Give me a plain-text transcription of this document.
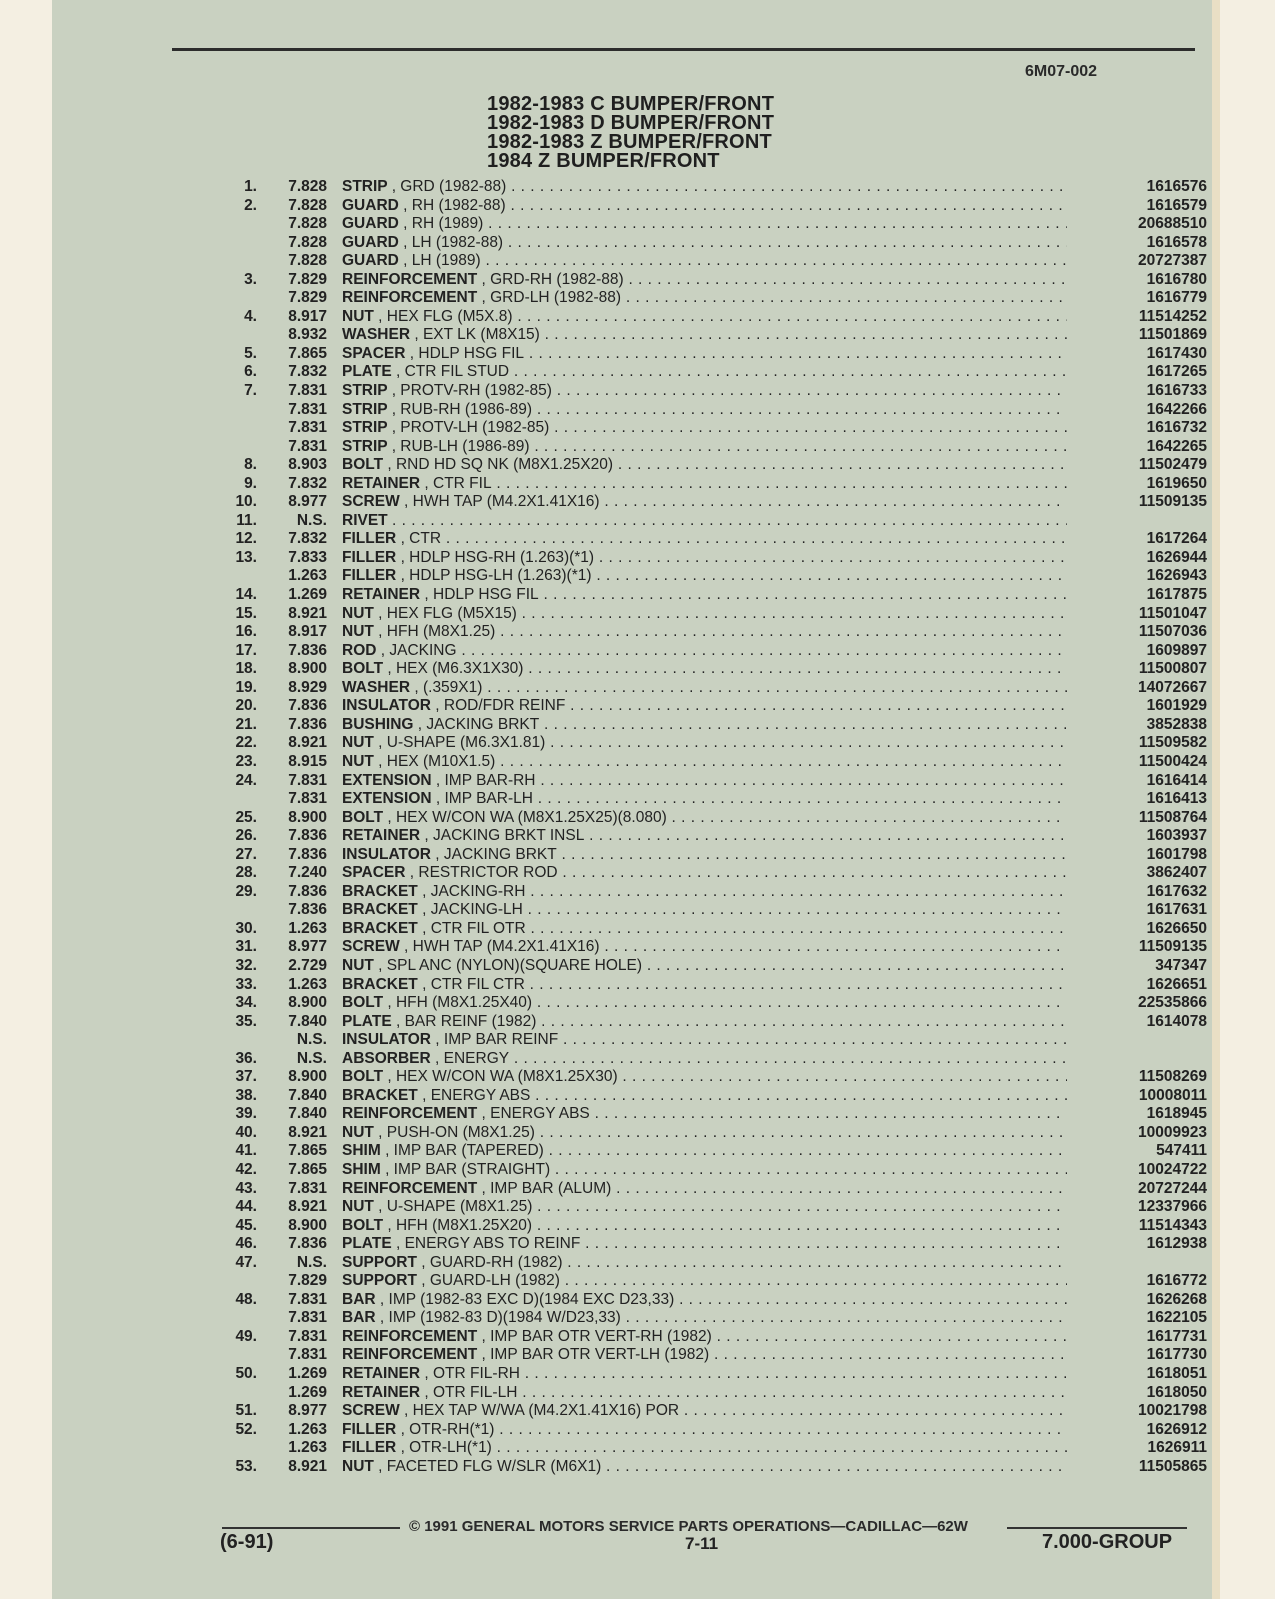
6M07-002
1982-1983 C BUMPER/FRONT
1982-1983 D BUMPER/FRONT
1982-1983 Z BUMPER/FRONT
1984 Z BUMPER/FRONT
1.	7.828 STRIP , GRD (1982-88) . . .	1616576
2.	7.828 GUARD , RH (1982-88) . . .	1616579
7.828 GUARD , RH (1989) . . .	20688510
7.828 GUARD , LH (1982-88) . . .	1616578
7.828 GUARD , LH (1989) . . .	20727387
3.	7.829 REINFORCEMENT , GRD-RH (1982-88) . . .	1616780
7.829 REINFORCEMENT , GRD-LH (1982-88) . . .	1616779
4.	8.917 NUT , HEX FLG (M5X.8) . . .	11514252
8.932 WASHER , EXT LK (M8X15) . . .	11501869
5.	7.865 SPACER , HDLP HSG FIL . . .	1617430
6.	7.832 PLATE , CTR FIL STUD . . .	1617265
7.	7.831 STRIP , PROTV-RH (1982-85) . . .	1616733
7.831 STRIP , RUB-RH (1986-89) . . .	1642266
7.831 STRIP , PROTV-LH (1982-85) . . .	1616732
7.831 STRIP , RUB-LH (1986-89) . . .	1642265
8.	8.903 BOLT , RND HD SQ NK (M8X1.25X20) . . .	11502479
9.	7.832 RETAINER , CTR FIL . . .	1619650
10.	8.977 SCREW , HWH TAP (M4.2X1.41X16) . . .	11509135
11.	N.S. RIVET . . .
12.	7.832 FILLER , CTR . . .	1617264
13.	7.833 FILLER , HDLP HSG-RH (1.263)(*1) . . .	1626944
1.263 FILLER , HDLP HSG-LH (1.263)(*1) . . .	1626943
14.	1.269 RETAINER , HDLP HSG FIL . . .	1617875
15.	8.921 NUT , HEX FLG (M5X15) . . .	11501047
16.	8.917 NUT , HFH (M8X1.25) . . .	11507036
17.	7.836 ROD , JACKING . . .	1609897
18.	8.900 BOLT , HEX (M6.3X1X30) . . .	11500807
19.	8.929 WASHER , (.359X1) . . .	14072667
20.	7.836 INSULATOR , ROD/FDR REINF . . .	1601929
21.	7.836 BUSHING , JACKING BRKT . . .	3852838
22.	8.921 NUT , U-SHAPE (M6.3X1.81) . . .	11509582
23.	8.915 NUT , HEX (M10X1.5) . . .	11500424
24.	7.831 EXTENSION , IMP BAR-RH . . .	1616414
7.831 EXTENSION , IMP BAR-LH . . .	1616413
25.	8.900 BOLT , HEX W/CON WA (M8X1.25X25)(8.080) . . .	11508764
26.	7.836 RETAINER , JACKING BRKT INSL . . .	1603937
27.	7.836 INSULATOR , JACKING BRKT . . .	1601798
28.	7.240 SPACER , RESTRICTOR ROD . . .	3862407
29.	7.836 BRACKET , JACKING-RH . . .	1617632
7.836 BRACKET , JACKING-LH . . .	1617631
30.	1.263 BRACKET , CTR FIL OTR . . .	1626650
31.	8.977 SCREW , HWH TAP (M4.2X1.41X16) . . .	11509135
32.	2.729 NUT , SPL ANC (NYLON)(SQUARE HOLE) . . .	347347
33.	1.263 BRACKET , CTR FIL CTR . . .	1626651
34.	8.900 BOLT , HFH (M8X1.25X40) . . .	22535866
35.	7.840 PLATE , BAR REINF (1982) . . .	1614078
N.S. INSULATOR , IMP BAR REINF . . .
36.	N.S. ABSORBER , ENERGY . . .
37.	8.900 BOLT , HEX W/CON WA (M8X1.25X30) . . .	11508269
38.	7.840 BRACKET , ENERGY ABS . . .	10008011
39.	7.840 REINFORCEMENT , ENERGY ABS . . .	1618945
40.	8.921 NUT , PUSH-ON (M8X1.25) . . .	10009923
41.	7.865 SHIM , IMP BAR (TAPERED) . . .	547411
42.	7.865 SHIM , IMP BAR (STRAIGHT) . . .	10024722
43.	7.831 REINFORCEMENT , IMP BAR (ALUM) . . .	20727244
44.	8.921 NUT , U-SHAPE (M8X1.25) . . .	12337966
45.	8.900 BOLT , HFH (M8X1.25X20) . . .	11514343
46.	7.836 PLATE , ENERGY ABS TO REINF . . .	1612938
47.	N.S. SUPPORT , GUARD-RH (1982) . . .
7.829 SUPPORT , GUARD-LH (1982) . . .	1616772
48.	7.831 BAR , IMP (1982-83 EXC D)(1984 EXC D23,33) . . .	1626268
7.831 BAR , IMP (1982-83 D)(1984 W/D23,33) . . .	1622105
49.	7.831 REINFORCEMENT , IMP BAR OTR VERT-RH (1982) . . .	1617731
7.831 REINFORCEMENT , IMP BAR OTR VERT-LH (1982) . . .	1617730
50.	1.269 RETAINER , OTR FIL-RH . . .	1618051
1.269 RETAINER , OTR FIL-LH . . .	1618050
51.	8.977 SCREW , HEX TAP W/WA (M4.2X1.41X16) POR . . .	10021798
52.	1.263 FILLER , OTR-RH(*1) . . .	1626912
1.263 FILLER , OTR-LH(*1) . . .	1626911
53.	8.921 NUT , FACETED FLG W/SLR (M6X1) . . .	11505865
© 1991 GENERAL MOTORS SERVICE PARTS OPERATIONS—CADILLAC—62W
(6-91)	7-11	7.000-GROUP
